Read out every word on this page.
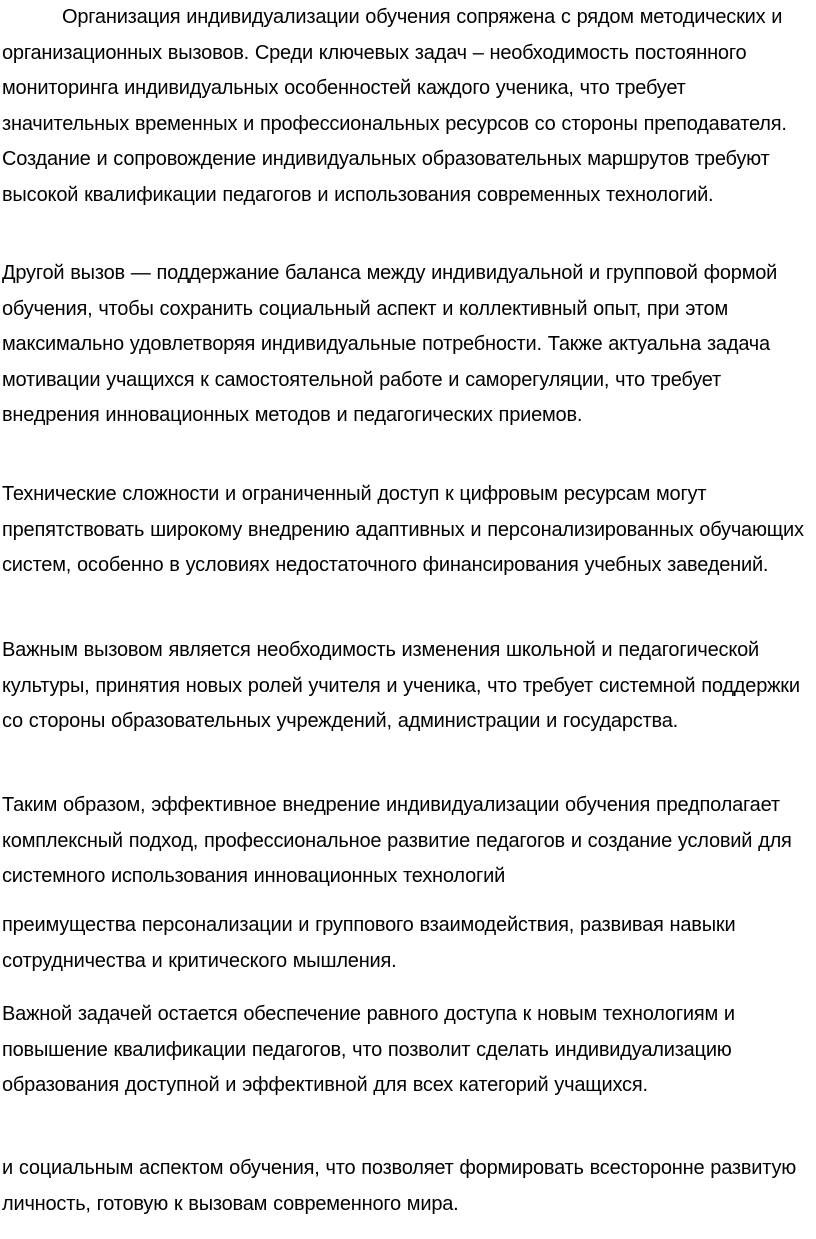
Организация индивидуализации обучения сопряжена с рядом методических и организационных вызовов. Среди ключевых задач – необходимость постоянного мониторинга индивидуальных особенностей каждого ученика, что требует значительных временных и профессиональных ресурсов со стороны преподавателя. Создание и сопровождение индивидуальных образовательных маршрутов требуют высокой квалификации педагогов и использования современных технологий.

Другой вызов — поддержание баланса между индивидуальной и групповой формой обучения, чтобы сохранить социальный аспект и коллективный опыт, при этом максимально удовлетворяя индивидуальные потребности. Также актуальна задача мотивации учащихся к самостоятельной работе и саморегуляции, что требует внедрения инновационных методов и педагогических приемов.

Технические сложности и ограниченный доступ к цифровым ресурсам могут препятствовать широкому внедрению адаптивных и персонализированных обучающих систем, особенно в условиях недостаточного финансирования учебных заведений.

Важным вызовом является необходимость изменения школьной и педагогической культуры, принятия новых ролей учителя и ученика, что требует системной поддержки со стороны образовательных учреждений, администрации и государства.

Таким образом, эффективное внедрение индивидуализации обучения предполагает комплексный подход, профессиональное развитие педагогов и создание условий для системного использования инновационных технологий

преимущества персонализации и группового взаимодействия, развивая навыки сотрудничества и критического мышления.

Важной задачей остается обеспечение равного доступа к новым технологиям и повышение квалификации педагогов, что позволит сделать индивидуализацию образования доступной и эффективной для всех категорий учащихся.

и социальным аспектом обучения, что позволяет формировать всесторонне развитую личность, готовую к вызовам современного мира.
